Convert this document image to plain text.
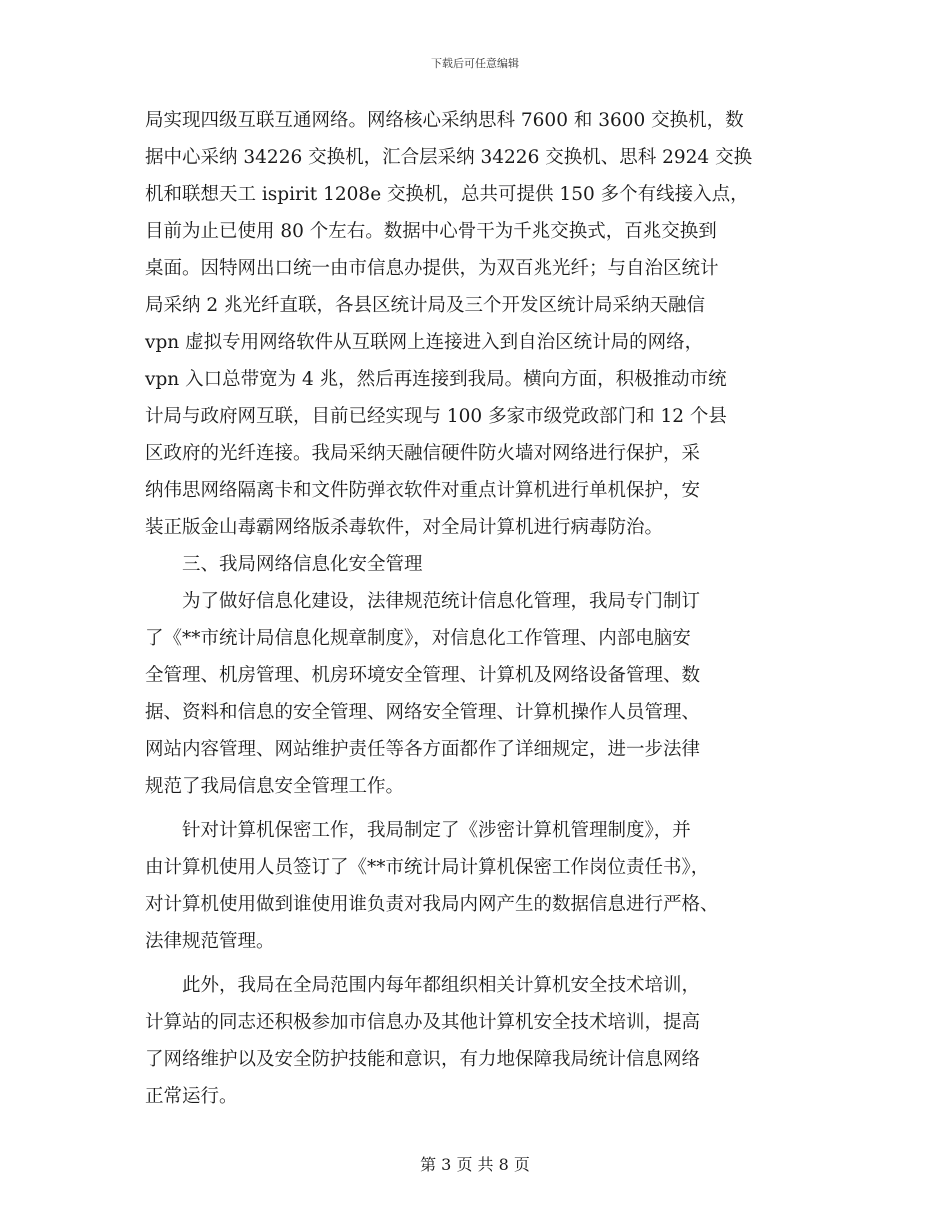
下载后可任意编辑
局实现四级互联互通网络。网络核心采纳思科 7600 和 3600 交换机，数
据中心采纳 34226 交换机，汇合层采纳 34226 交换机、思科 2924 交换
机和联想天工 ispirit 1208e 交换机，总共可提供 150 多个有线接入点，
目前为止已使用 80 个左右。数据中心骨干为千兆交换式，百兆交换到
桌面。因特网出口统一由市信息办提供，为双百兆光纤；与自治区统计
局采纳 2 兆光纤直联，各县区统计局及三个开发区统计局采纳天融信
vpn 虚拟专用网络软件从互联网上连接进入到自治区统计局的网络，
vpn 入口总带宽为 4 兆，然后再连接到我局。横向方面，积极推动市统
计局与政府网互联，目前已经实现与 100 多家市级党政部门和 12 个县
区政府的光纤连接。我局采纳天融信硬件防火墙对网络进行保护，采
纳伟思网络隔离卡和文件防弹衣软件对重点计算机进行单机保护，安
装正版金山毒霸网络版杀毒软件，对全局计算机进行病毒防治。
三、我局网络信息化安全管理
为了做好信息化建设，法律规范统计信息化管理，我局专门制订
了《**市统计局信息化规章制度》，对信息化工作管理、内部电脑安
全管理、机房管理、机房环境安全管理、计算机及网络设备管理、数
据、资料和信息的安全管理、网络安全管理、计算机操作人员管理、
网站内容管理、网站维护责任等各方面都作了详细规定，进一步法律
规范了我局信息安全管理工作。
针对计算机保密工作，我局制定了《涉密计算机管理制度》，并
由计算机使用人员签订了《**市统计局计算机保密工作岗位责任书》，
对计算机使用做到谁使用谁负责对我局内网产生的数据信息进行严格、
法律规范管理。
此外，我局在全局范围内每年都组织相关计算机安全技术培训，
计算站的同志还积极参加市信息办及其他计算机安全技术培训，提高
了网络维护以及安全防护技能和意识，有力地保障我局统计信息网络
正常运行。
第 3 页 共 8 页
